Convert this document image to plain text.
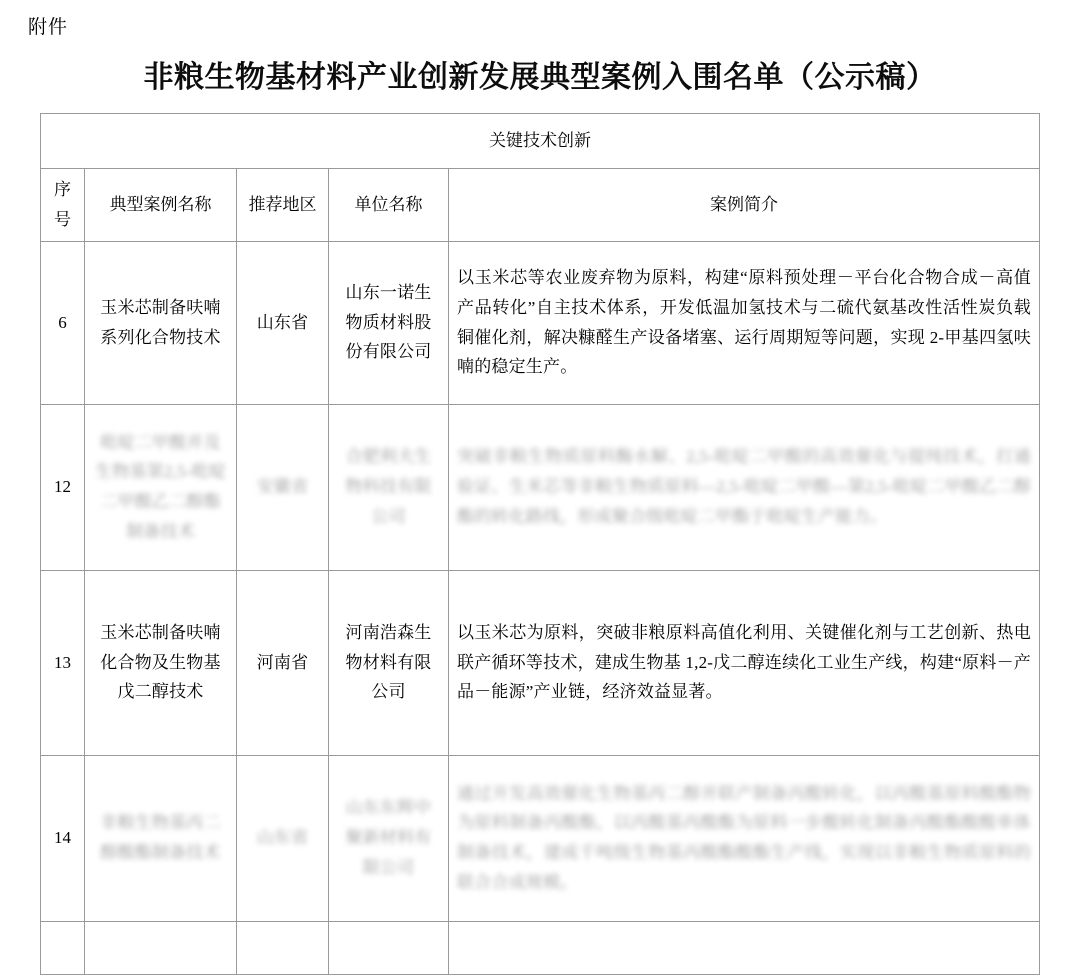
附件
非粮生物基材料产业创新发展典型案例入围名单（公示稿）
关键技术创新				
序号	典型案例名称	推荐地区	单位名称	案例简介
6	玉米芯制备呋喃系列化合物技术	山东省	山东一诺生物质材料股份有限公司	以玉米芯等农业废弃物为原料，构建“原料预处理－平台化合物合成－高值产品转化”自主技术体系，开发低温加氢技术与二硫代氨基改性活性炭负载铜催化剂，解决糠醛生产设备堵塞、运行周期短等问题，实现 2-甲基四氢呋喃的稳定生产。
12	吡啶二甲酸并及生物基第2,5-吡啶二甲酸乙二醇酯制备技术	安徽省	合肥利夫生物科技有限公司	突破非粮生物质原料酶水解、2,5-吡啶二甲酸的高效催化与提纯技术，打通验证、生米芯等非粮生物质原料—2,5-吡啶二甲酸—第2,5-吡啶二甲酸乙二醇酯的转化路线，形成聚合级吡啶二甲酯于吡啶生产能力。
13	玉米芯制备呋喃化合物及生物基戊二醇技术	河南省	河南浩森生物材料有限公司	以玉米芯为原料，突破非粮原料高值化利用、关键催化剂与工艺创新、热电联产循环等技术，建成生物基 1,2-戊二醇连续化工业生产线，构建“原料－产品－能源”产业链，经济效益显著。
14	非粮生物基丙二醇酸酯制备技术	山东省	山东东辉中聚新材料有限公司	通过开发高效催化生物基丙二醇并联产制备丙酸转化，以丙酸基原料酸酯物为原料制备丙酸酯，以丙酸基丙酸酯为原料一步酸转化制备丙酸酯酸酸单体制备技术，建成千吨级生物基丙酸酯酸酯生产线，实现以非粮生物质原料的联合合成规模。
